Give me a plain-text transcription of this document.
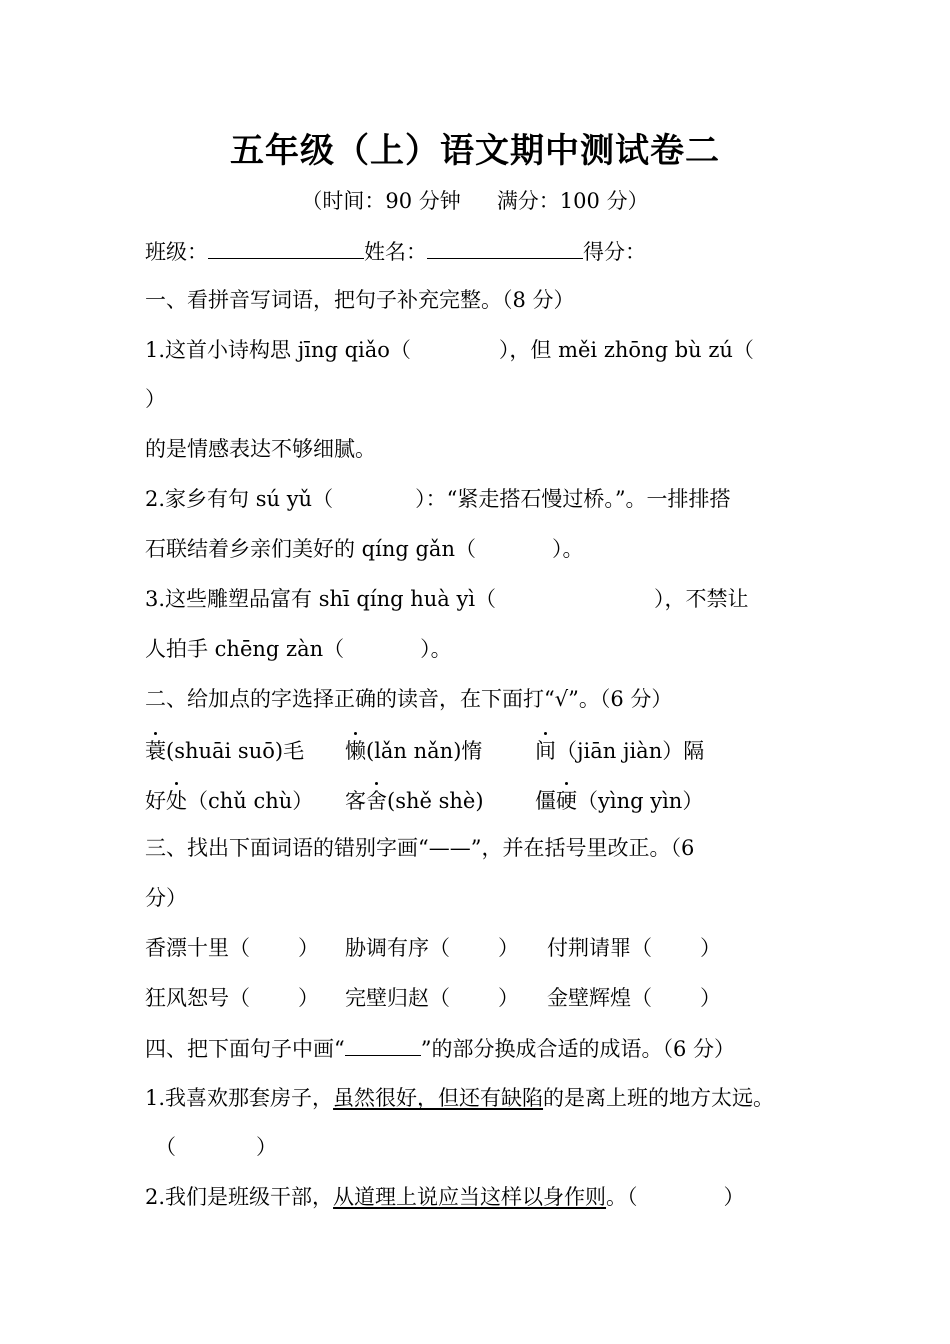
五年级（上）语文期中测试卷二
（时间：90 分钟 满分：100 分）
班级：	姓名：	得分：
一、看拼音写词语，把句子补充完整。（8 分）
1.这首小诗构思 jīng qiǎo（	），但 měi zhōng bù zú（
）
的是情感表达不够细腻。
2.家乡有句 sú yǔ（	）：“紧走搭石慢过桥。”。一排排搭
石联结着乡亲们美好的 qíng gǎn（	）。
3.这些雕塑品富有 shī qíng huà yì（	），不禁让
人拍手 chēng zàn（	）。
二、给加点的字选择正确的读音，在下面打“√”。（6 分）
蓑(shuāi suō)毛 懒(lǎn nǎn)惰	间（jiān jiàn）隔
好处（chǔ chù） 客舍(shě shè) 僵硬（yìng yìn）
三、找出下面词语的错别字画“——”，并在括号里改正。（6
分）
香漂十里（ ） 胁调有序（ ） 付荆请罪（ ）
狂风恕号（ ） 完壁归赵（ ） 金壁辉煌（ ）
四、把下面句子中画“	”的部分换成合适的成语。（6 分）
1.我喜欢那套房子，虽然很好，但还有缺陷的是离上班的地方太远。
（	）
2.我们是班级干部，从道理上说应当这样以身作则。（	）
